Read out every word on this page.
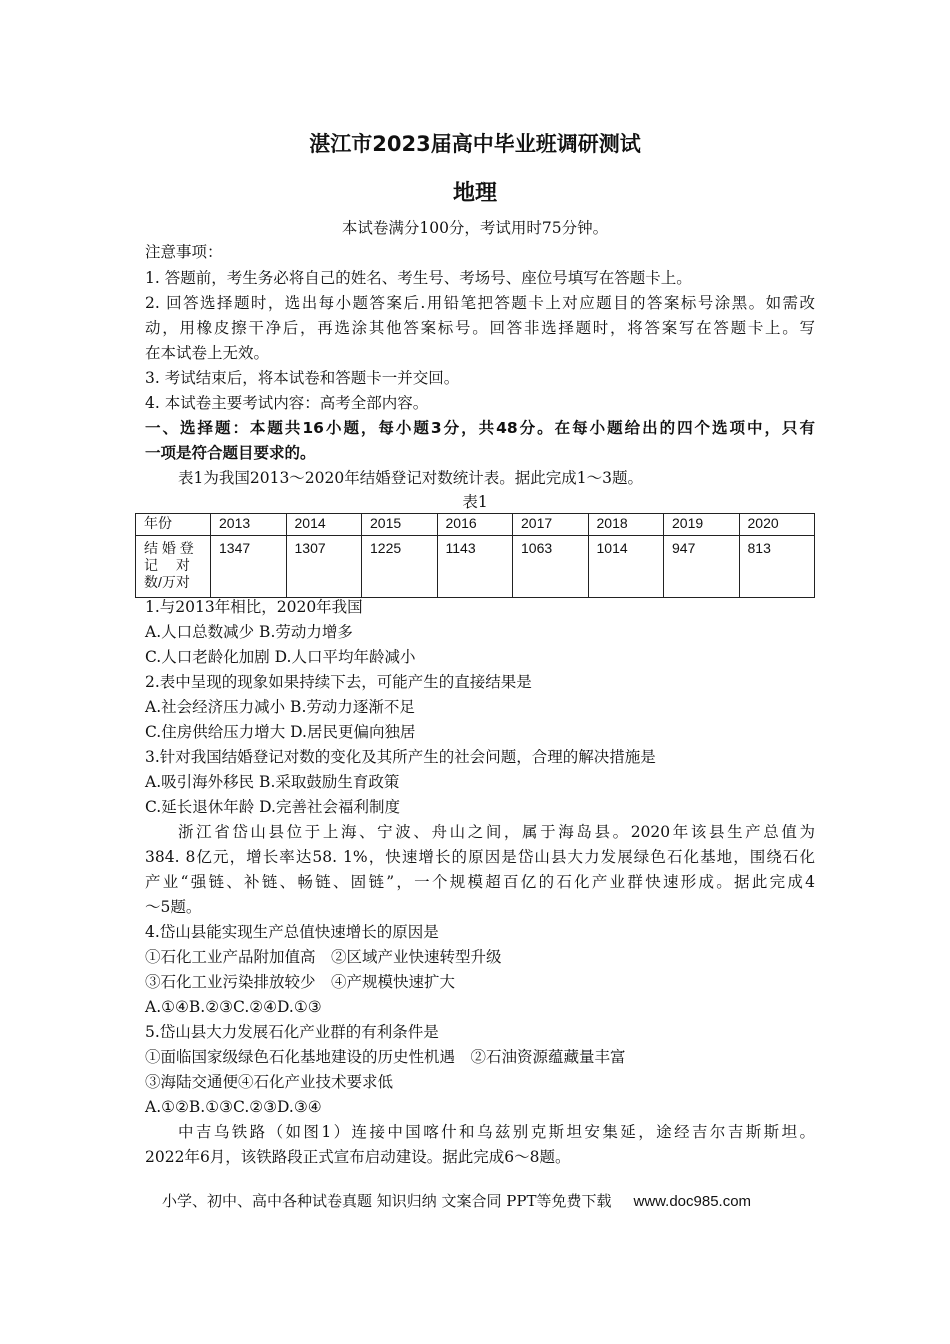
湛江市2023届高中毕业班调研测试
地理
本试卷满分100分，考试用时75分钟。
注意事项：
1. 答题前，考生务必将自己的姓名、考生号、考场号、座位号填写在答题卡上。
2. 回答选择题时，选出每小题答案后.用铅笔把答题卡上对应题目的答案标号涂黑。如需改
动，用橡皮擦干净后，再选涂其他答案标号。回答非选择题时，将答案写在答题卡上。写
在本试卷上无效。
3. 考试结束后，将本试卷和答题卡一并交回。
4. 本试卷主要考试内容：高考全部内容。
一、选择题：本题共16小题，每小题3分，共48分。在每小题给出的四个选项中，只有
一项是符合题目要求的。
表1为我国2013～2020年结婚登记对数统计表。据此完成1～3题。
表1
年份	2013	2014	2015	2016	2017	2018	2019	2020

结 婚 登
记　 对
数/万对	1347	1307	1225	1143	1063	1014	947	813
1.与2013年相比，2020年我国
A.人口总数减少 B.劳动力增多
C.人口老龄化加剧 D.人口平均年龄减小
2.表中呈现的现象如果持续下去，可能产生的直接结果是
A.社会经济压力减小 B.劳动力逐渐不足
C.住房供给压力增大 D.居民更偏向独居
3.针对我国结婚登记对数的变化及其所产生的社会问题，合理的解决措施是
A.吸引海外移民 B.采取鼓励生育政策
C.延长退休年龄 D.完善社会福利制度
浙江省岱山县位于上海、宁波、舟山之间，属于海岛县。2020年该县生产总值为
384. 8亿元，增长率达58. 1%，快速增长的原因是岱山县大力发展绿色石化基地，围绕石化
产业“强链、补链、畅链、固链”，一个规模超百亿的石化产业群快速形成。据此完成4
～5题。
4.岱山县能实现生产总值快速增长的原因是
①石化工业产品附加值高　②区域产业快速转型升级
③石化工业污染排放较少　④产规模快速扩大
A.①④B.②③C.②④D.①③
5.岱山县大力发展石化产业群的有利条件是
①面临国家级绿色石化基地建设的历史性机遇　②石油资源蕴藏量丰富
③海陆交通便④石化产业技术要求低
A.①②B.①③C.②③D.③④
中吉乌铁路（如图1）连接中国喀什和乌兹别克斯坦安集延，途经吉尔吉斯斯坦。
2022年6月，该铁路段正式宣布启动建设。据此完成6～8题。
小学、初中、高中各种试卷真题 知识归纳 文案合同 PPT等免费下载 www.doc985.com
